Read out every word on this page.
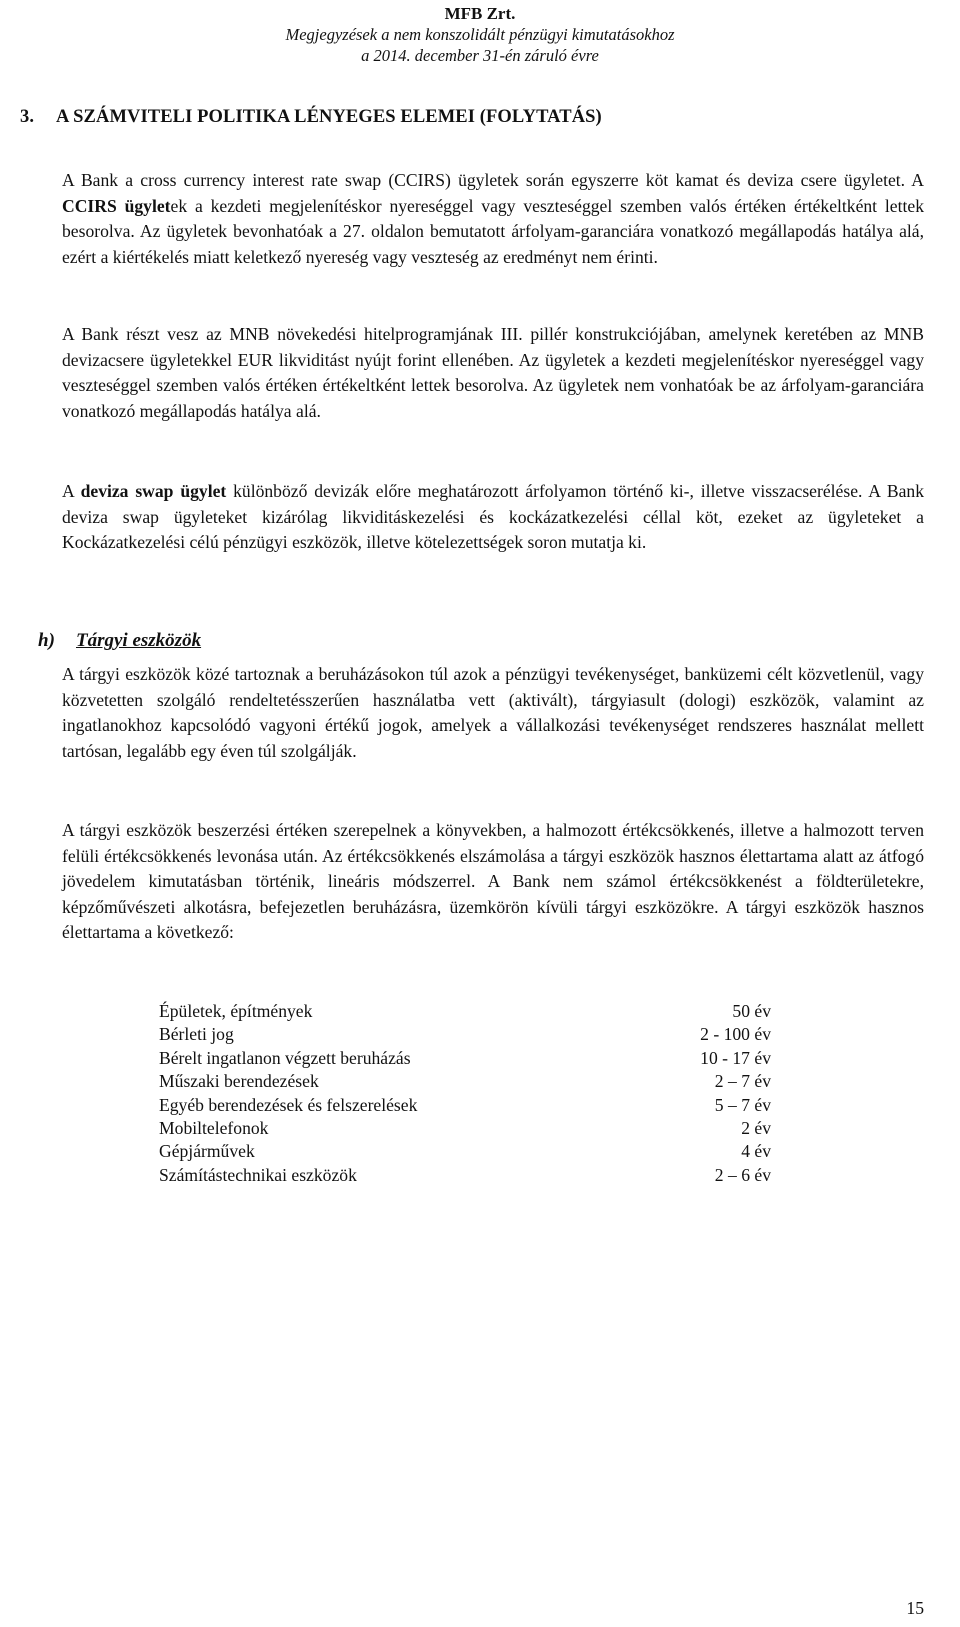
MFB Zrt.
Megjegyzések a nem konszolidált pénzügyi kimutatásokhoz
a 2014. december 31-én záruló évre
3. A SZÁMVITELI POLITIKA LÉNYEGES ELEMEI (FOLYTATÁS)

A Bank a cross currency interest rate swap (CCIRS) ügyletek során egyszerre köt kamat és deviza csere ügyletet. A CCIRS ügyletek a kezdeti megjelenítéskor nyereséggel vagy veszteséggel szemben valós értéken értékeltként lettek besorolva. Az ügyletek bevonhatóak a 27. oldalon bemutatott árfolyam-garanciára vonatkozó megállapodás hatálya alá, ezért a kiértékelés miatt keletkező nyereség vagy veszteség az eredményt nem érinti.

A Bank részt vesz az MNB növekedési hitelprogramjának III. pillér konstrukciójában, amelynek keretében az MNB devizacsere ügyletekkel EUR likviditást nyújt forint ellenében. Az ügyletek a kezdeti megjelenítéskor nyereséggel vagy veszteséggel szemben valós értéken értékeltként lettek besorolva. Az ügyletek nem vonhatóak be az árfolyam-garanciára vonatkozó megállapodás hatálya alá.

A deviza swap ügylet különböző devizák előre meghatározott árfolyamon történő ki-, illetve visszacserélése. A Bank deviza swap ügyleteket kizárólag likviditáskezelési és kockázatkezelési céllal köt, ezeket az ügyleteket a Kockázatkezelési célú pénzügyi eszközök, illetve kötelezettségek soron mutatja ki.

h) Tárgyi eszközök

A tárgyi eszközök közé tartoznak a beruházásokon túl azok a pénzügyi tevékenységet, banküzemi célt közvetlenül, vagy közvetetten szolgáló rendeltetésszerűen használatba vett (aktivált), tárgyiasult (dologi) eszközök, valamint az ingatlanokhoz kapcsolódó vagyoni értékű jogok, amelyek a vállalkozási tevékenységet rendszeres használat mellett tartósan, legalább egy éven túl szolgálják.

A tárgyi eszközök beszerzési értéken szerepelnek a könyvekben, a halmozott értékcsökkenés, illetve a halmozott terven felüli értékcsökkenés levonása után. Az értékcsökkenés elszámolása a tárgyi eszközök hasznos élettartama alatt az átfogó jövedelem kimutatásban történik, lineáris módszerrel. A Bank nem számol értékcsökkenést a földterületekre, képzőművészeti alkotásra, befejezetlen beruházásra, üzemkörön kívüli tárgyi eszközökre. A tárgyi eszközök hasznos élettartama a következő:

Épületek, építmények	50 év
Bérleti jog	2 - 100 év
Bérelt ingatlanon végzett beruházás	10 - 17 év
Műszaki berendezések	2 – 7 év
Egyéb berendezések és felszerelések	5 – 7 év
Mobiltelefonok	2 év
Gépjárművek	4 év
Számítástechnikai eszközök	2 – 6 év
15
